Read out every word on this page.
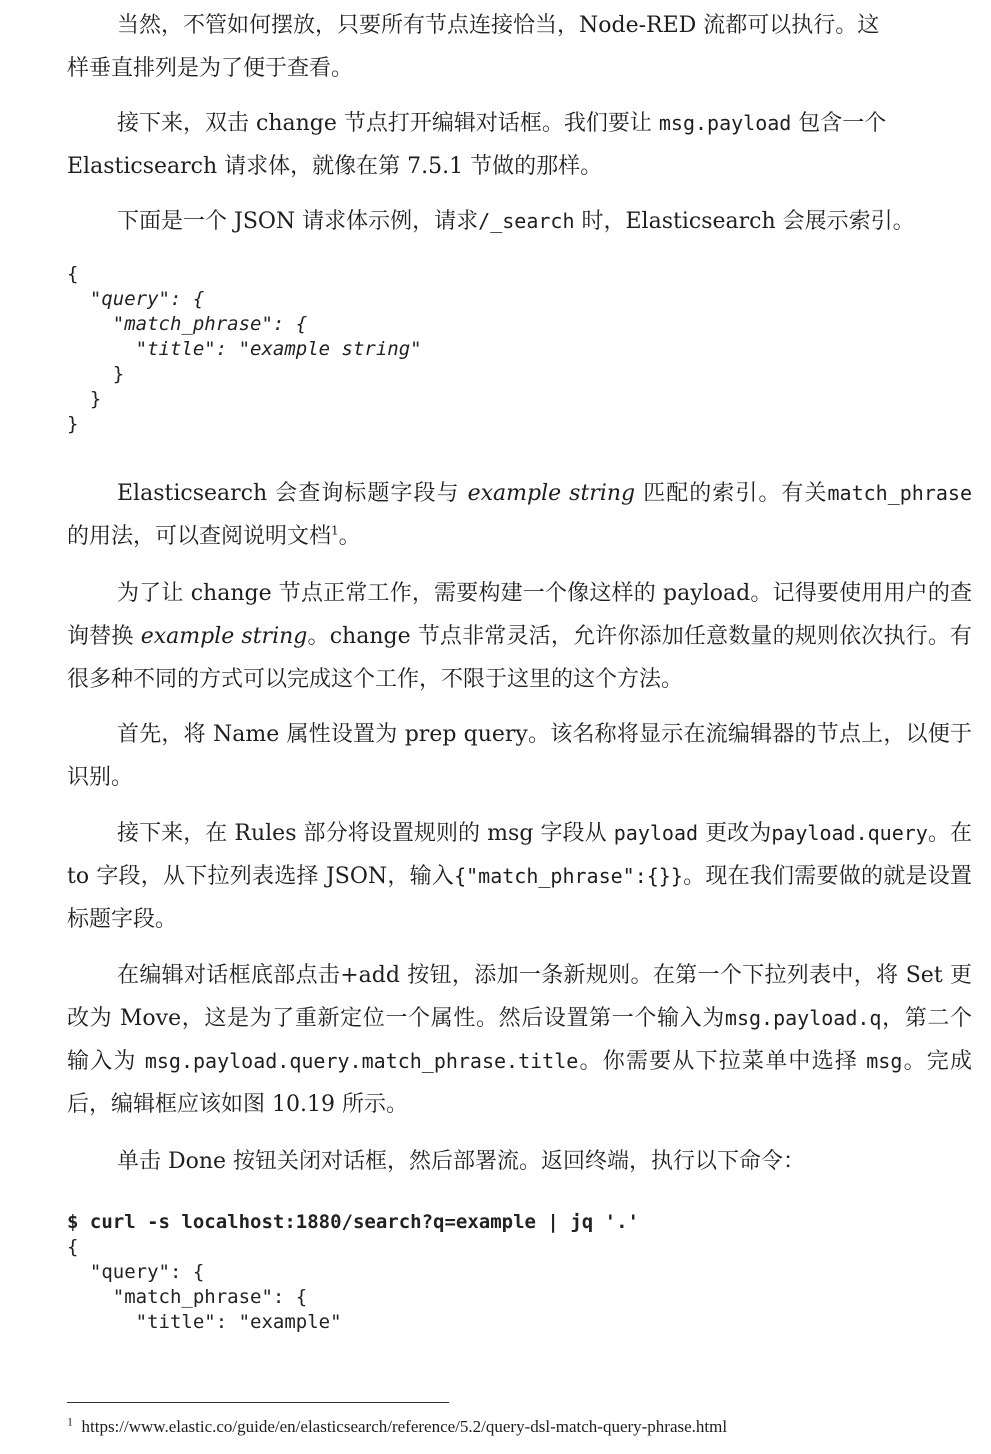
当然，不管如何摆放，只要所有节点连接恰当，Node-RED 流都可以执行。这
样垂直排列是为了便于查看。
接下来，双击 change 节点打开编辑对话框。我们要让 msg.payload 包含一个
Elasticsearch 请求体，就像在第 7.5.1 节做的那样。
下面是一个 JSON 请求体示例，请求/_search 时，Elasticsearch 会展示索引。
{
"query": {
"match_phrase": {
"title": "example string"
}
}
}
Elasticsearch 会查询标题字段与 example string 匹配的索引。有关match_phrase 的用法，可以查阅说明文档$^1$。
为了让 change 节点正常工作，需要构建一个像这样的 payload。记得要使用用户的查询替换 example string。change 节点非常灵活，允许你添加任意数量的规则依次执行。有很多种不同的方式可以完成这个工作，不限于这里的这个方法。
首先，将 Name 属性设置为 prep query。该名称将显示在流编辑器的节点上，以便于识别。
接下来，在 Rules 部分将设置规则的 msg 字段从 payload 更改为payload.query。在 to 字段，从下拉列表选择 JSON，输入{"match_phrase":{}}。现在我们需要做的就是设置标题字段。
在编辑对话框底部点击+add 按钮，添加一条新规则。在第一个下拉列表中，将 Set 更改为 Move，这是为了重新定位一个属性。然后设置第一个输入为msg.payload.q，第二个输入为 msg.payload.query.match_phrase.title。你需要从下拉菜单中选择 msg。完成后，编辑框应该如图 10.19 所示。
单击 Done 按钮关闭对话框，然后部署流。返回终端，执行以下命令：
$ curl -s localhost:1880/search?q=example | jq '.'
{
"query": {
"match_phrase": {
"title": "example"
$^1$ https://www.elastic.co/guide/en/elasticsearch/reference/5.2/query-dsl-match-query-phrase.html
